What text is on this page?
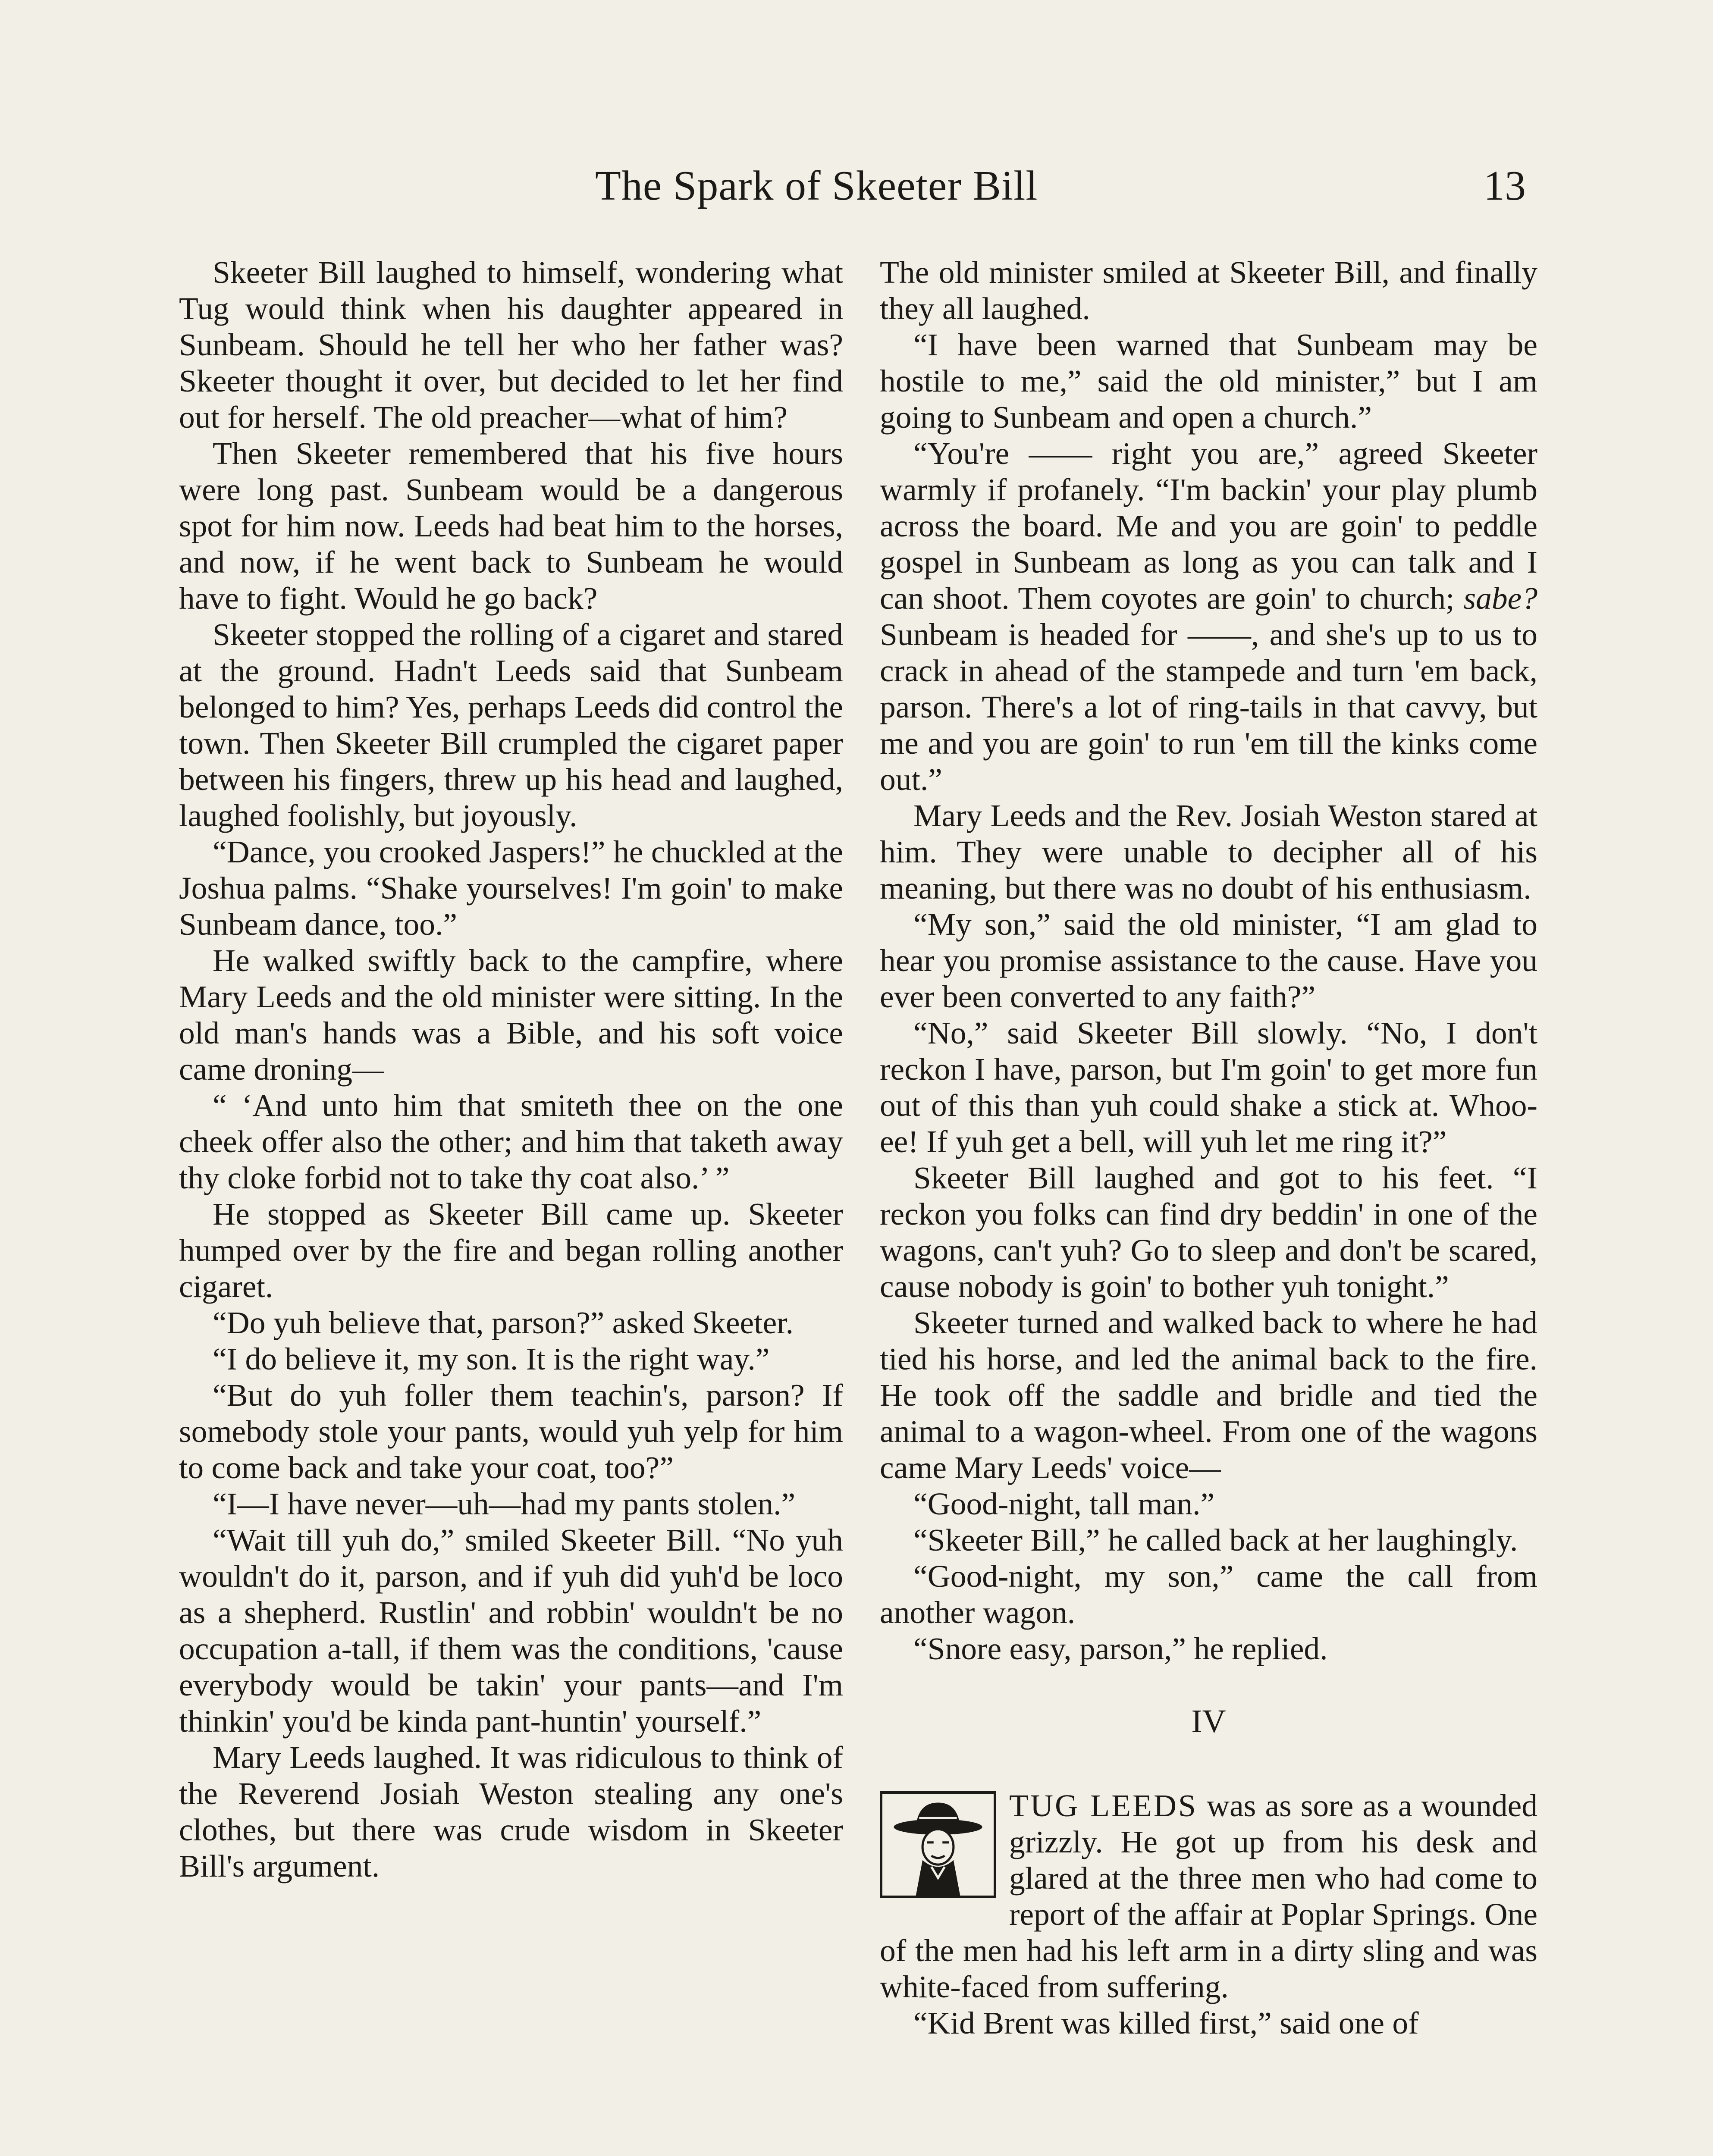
The Spark of Skeeter Bill	13

Skeeter Bill laughed to himself, wondering what Tug would think when his daughter appeared in Sunbeam. Should he tell her who her father was? Skeeter thought it over, but decided to let her find out for herself. The old preacher—what of him?

Then Skeeter remembered that his five hours were long past. Sunbeam would be a dangerous spot for him now. Leeds had beat him to the horses, and now, if he went back to Sunbeam he would have to fight. Would he go back?

Skeeter stopped the rolling of a cigaret and stared at the ground. Hadn't Leeds said that Sunbeam belonged to him? Yes, perhaps Leeds did control the town. Then Skeeter Bill crumpled the cigaret paper between his fingers, threw up his head and laughed, laughed foolishly, but joyously.

“Dance, you crooked Jaspers!” he chuckled at the Joshua palms. “Shake yourselves! I'm goin' to make Sunbeam dance, too.”

He walked swiftly back to the campfire, where Mary Leeds and the old minister were sitting. In the old man's hands was a Bible, and his soft voice came droning—

“ ‘And unto him that smiteth thee on the one cheek offer also the other; and him that taketh away thy cloke forbid not to take thy coat also.’ ”

He stopped as Skeeter Bill came up. Skeeter humped over by the fire and began rolling another cigaret.

“Do yuh believe that, parson?” asked Skeeter.

“I do believe it, my son. It is the right way.”

“But do yuh foller them teachin's, parson? If somebody stole your pants, would yuh yelp for him to come back and take your coat, too?”

“I—I have never—uh—had my pants stolen.”

“Wait till yuh do,” smiled Skeeter Bill. “No yuh wouldn't do it, parson, and if yuh did yuh'd be loco as a shepherd. Rustlin' and robbin' wouldn't be no occupation a-tall, if them was the conditions, 'cause everybody would be takin' your pants—and I'm thinkin' you'd be kinda pant-huntin' yourself.”

Mary Leeds laughed. It was ridiculous to think of the Reverend Josiah Weston stealing any one's clothes, but there was crude wisdom in Skeeter Bill's argument.

The old minister smiled at Skeeter Bill, and finally they all laughed.

“I have been warned that Sunbeam may be hostile to me,” said the old minister,” but I am going to Sunbeam and open a church.”

“You're —— right you are,” agreed Skeeter warmly if profanely. “I'm backin' your play plumb across the board. Me and you are goin' to peddle gospel in Sunbeam as long as you can talk and I can shoot. Them coyotes are goin' to church; sabe? Sunbeam is headed for ——, and she's up to us to crack in ahead of the stampede and turn 'em back, parson. There's a lot of ring-tails in that cavvy, but me and you are goin' to run 'em till the kinks come out.”

Mary Leeds and the Rev. Josiah Weston stared at him. They were unable to decipher all of his meaning, but there was no doubt of his enthusiasm.

“My son,” said the old minister, “I am glad to hear you promise assistance to the cause. Have you ever been converted to any faith?”

“No,” said Skeeter Bill slowly. “No, I don't reckon I have, parson, but I'm goin' to get more fun out of this than yuh could shake a stick at. Whoo-ee! If yuh get a bell, will yuh let me ring it?”

Skeeter Bill laughed and got to his feet. “I reckon you folks can find dry beddin' in one of the wagons, can't yuh? Go to sleep and don't be scared, cause nobody is goin' to bother yuh tonight.”

Skeeter turned and walked back to where he had tied his horse, and led the animal back to the fire. He took off the saddle and bridle and tied the animal to a wagon-wheel. From one of the wagons came Mary Leeds' voice—

“Good-night, tall man.”

“Skeeter Bill,” he called back at her laughingly.

“Good-night, my son,” came the call from another wagon.

“Snore easy, parson,” he replied.

IV

TUG LEEDS was as sore as a wounded grizzly. He got up from his desk and glared at the three men who had come to report of the affair at Poplar Springs. One of the men had his left arm in a dirty sling and was white-faced from suffering.

“Kid Brent was killed first,” said one of
